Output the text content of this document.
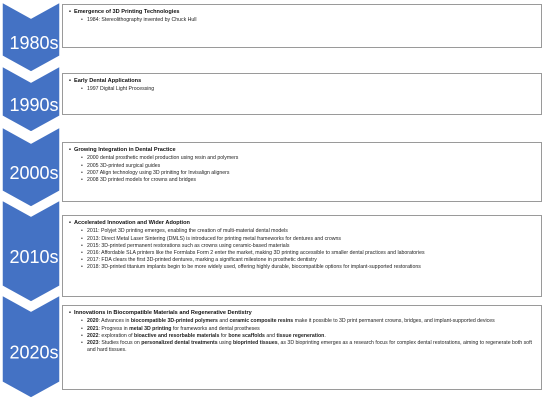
1980s
1990s
2000s
2010s
2020s
• Emergence of 3D Printing Technologies
• 1984: Stereolithography invented by Chuck Hull
• Early Dental Applications
• 1997 Digital Light Processing
• Growing Integration in Dental Practice
• 2000 dental prosthetic model production using resin and polymers
• 2005 3D-printed surgical guides
• 2007 Align technology using 3D priniting for Invisalign aligners
• 2008 3D printed models for crowns and bridges
• Accelerated Innovation and Wider Adoption
• 2011: Polyjet 3D printing emerges, enabling the creation of multi-material dental models
• 2013: Direct Metal Laser Sintering (DMLS) is introduced for printing metal frameworks for dentures and crowns
• 2015: 3D-printed permanent restorations such as crowns using ceramic-based materials
• 2016: Affordable SLA printers like the Formlabs Form 2 enter the market, making 3D printing accessible to smaller dental practices and laboratories
• 2017: FDA clears the first 3D-printed dentures, marking a significant milestone in prosthetic dentistry
• 2018: 3D-printed titanium implants begin to be more widely used, offering highly durable, biocompatible options for implant-supported restorations
• Innovations in Biocompatible Materials and Regenerative Dentistry
• 2020: Advances in biocompatible 3D-printed polymers and ceramic composite resins make it possible to 3D print permanent crowns, bridges, and implant-supported devices
• 2021: Progress in metal 3D printing for frameworks and dental prostheses
• 2022: exploration of bioactive and resorbable materials for bone scaffolds and tissue regeneration.
• 2023: Studies focus on personalized dental treatments using bioprinted tissues, as 3D bioprinting emerges as a research focus for complex dental restorations, aiming to regenerate both soft and hard tissues.
